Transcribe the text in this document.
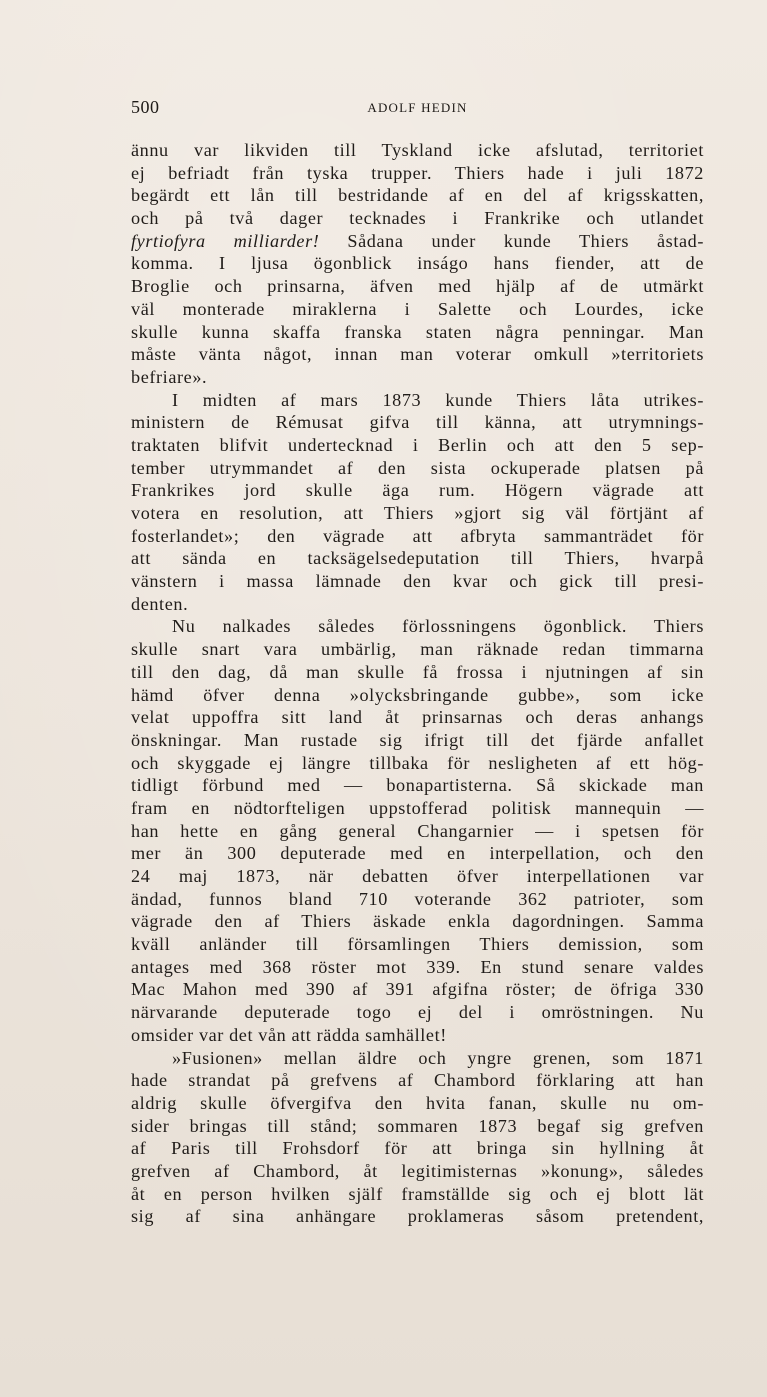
500	ADOLF HEDIN
ännu var likviden till Tyskland icke afslutad, territoriet
ej befriadt från tyska trupper. Thiers hade i juli 1872
begärdt ett lån till bestridande af en del af krigsskatten,
och på två dager tecknades i Frankrike och utlandet
fyrtiofyra milliarder! Sådana under kunde Thiers åstad-
komma. I ljusa ögonblick inságo hans fiender, att de
Broglie och prinsarna, äfven med hjälp af de utmärkt
väl monterade miraklerna i Salette och Lourdes, icke
skulle kunna skaffa franska staten några penningar. Man
måste vänta något, innan man voterar omkull »territoriets
befriare».
I midten af mars 1873 kunde Thiers låta utrikes-
ministern de Rémusat gifva till känna, att utrymnings-
traktaten blifvit undertecknad i Berlin och att den 5 sep-
tember utrymmandet af den sista ockuperade platsen på
Frankrikes jord skulle äga rum. Högern vägrade att
votera en resolution, att Thiers »gjort sig väl förtjänt af
fosterlandet»; den vägrade att afbryta sammanträdet för
att sända en tacksägelsedeputation till Thiers, hvarpå
vänstern i massa lämnade den kvar och gick till presi-
denten.
Nu nalkades således förlossningens ögonblick. Thiers
skulle snart vara umbärlig, man räknade redan timmarna
till den dag, då man skulle få frossa i njutningen af sin
hämd öfver denna »olycksbringande gubbe», som icke
velat uppoffra sitt land åt prinsarnas och deras anhangs
önskningar. Man rustade sig ifrigt till det fjärde anfallet
och skyggade ej längre tillbaka för nesligheten af ett hög-
tidligt förbund med — bonapartisterna. Så skickade man
fram en nödtorfteligen uppstofferad politisk mannequin —
han hette en gång general Changarnier — i spetsen för
mer än 300 deputerade med en interpellation, och den
24 maj 1873, när debatten öfver interpellationen var
ändad, funnos bland 710 voterande 362 patrioter, som
vägrade den af Thiers äskade enkla dagordningen. Samma
kväll anländer till församlingen Thiers demission, som
antages med 368 röster mot 339. En stund senare valdes
Mac Mahon med 390 af 391 afgifna röster; de öfriga 330
närvarande deputerade togo ej del i omröstningen. Nu
omsider var det vån att rädda samhället!
»Fusionen» mellan äldre och yngre grenen, som 1871
hade strandat på grefvens af Chambord förklaring att han
aldrig skulle öfvergifva den hvita fanan, skulle nu om-
sider bringas till stånd; sommaren 1873 begaf sig grefven
af Paris till Frohsdorf för att bringa sin hyllning åt
grefven af Chambord, åt legitimisternas »konung», således
åt en person hvilken själf framställde sig och ej blott lät
sig af sina anhängare proklameras såsom pretendent,
